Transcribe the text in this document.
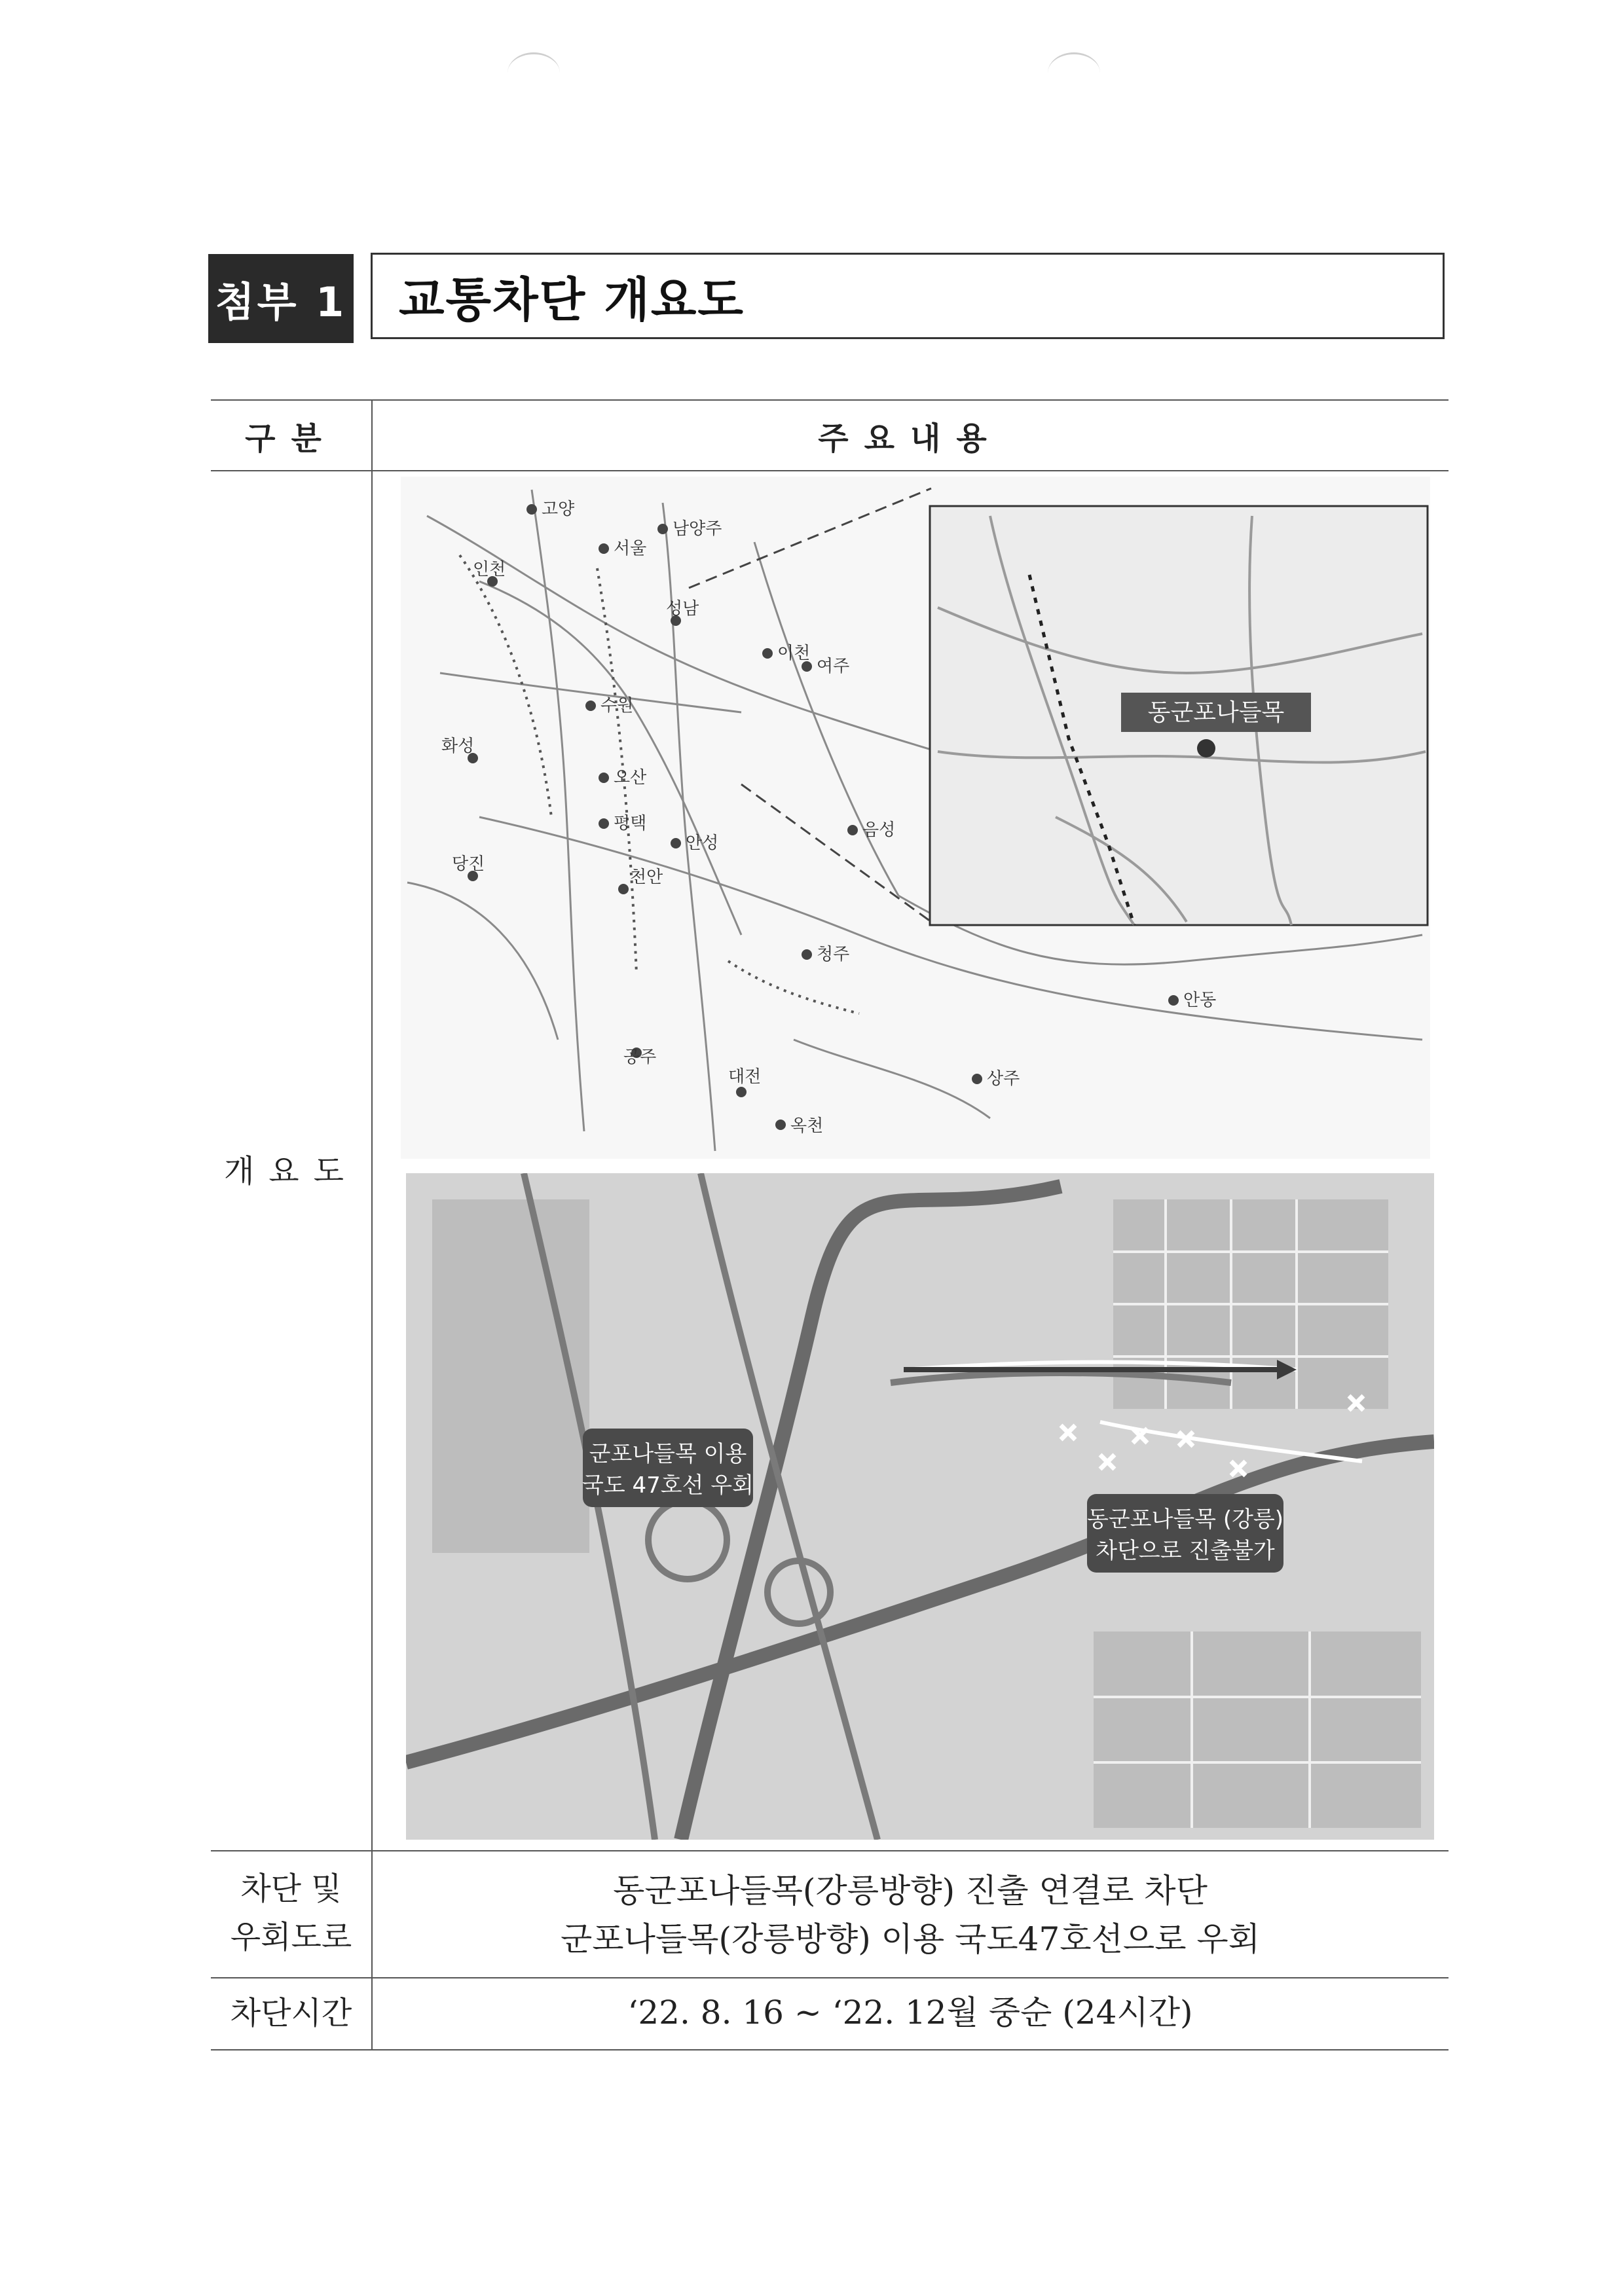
첨부 1 교통차단 개요도
구분	주요내용
개요도
고양
서울
남양주
인천
성남
이천
여주
수원
화성
오산
평택
안성
음성
당진
천안
청주
공주
대전
옥천
상주
안동
동군포나들목
군포나들목 이용
국도 47호선 우회
동군포나들목 (강릉)
차단으로 진출불가
차단 및
우회도로
동군포나들목(강릉방향) 진출 연결로 차단
군포나들목(강릉방향) 이용 국도47호선으로 우회
차단시간	‘22. 8. 16 ~ ‘22. 12월 중순 (24시간)
